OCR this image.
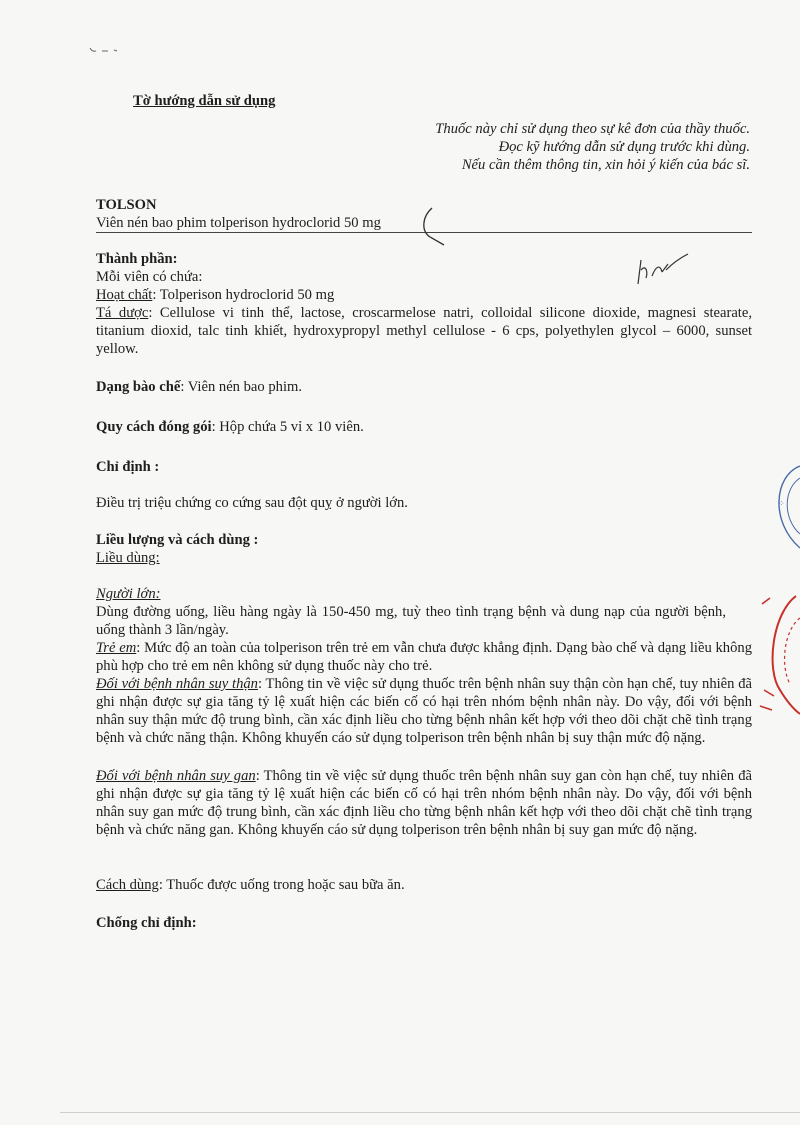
Tờ hướng dẫn sử dụng
Thuốc này chỉ sử dụng theo sự kê đơn của thầy thuốc.
Đọc kỹ hướng dẫn sử dụng trước khi dùng.
Nếu cần thêm thông tin, xin hỏi ý kiến của bác sĩ.
TOLSON
Viên nén bao phim tolperison hydroclorid 50 mg
Thành phần:
Mỗi viên có chứa:
Hoạt chất: Tolperison hydroclorid 50 mg
Tá dược: Cellulose vi tinh thể, lactose, croscarmelose natri, colloidal silicone dioxide, magnesi stearate, titanium dioxid, talc tinh khiết, hydroxypropyl methyl cellulose - 6 cps, polyethylen glycol – 6000, sunset yellow.
Dạng bào chế: Viên nén bao phim.
Quy cách đóng gói: Hộp chứa 5 vỉ x 10 viên.
Chỉ định :
Điều trị triệu chứng co cứng sau đột quỵ ở người lớn.
Liều lượng và cách dùng :
Liều dùng:
Người lớn:
Dùng đường uống, liều hàng ngày là 150-450 mg, tuỳ theo tình trạng bệnh và dung nạp của người bệnh, uống thành 3 lần/ngày.
Trẻ em: Mức độ an toàn của tolperison trên trẻ em vẫn chưa được khẳng định. Dạng bào chế và dạng liều không phù hợp cho trẻ em nên không sử dụng thuốc này cho trẻ.
Đối với bệnh nhân suy thận: Thông tin về việc sử dụng thuốc trên bệnh nhân suy thận còn hạn chế, tuy nhiên đã ghi nhận được sự gia tăng tỷ lệ xuất hiện các biến cố có hại trên nhóm bệnh nhân này. Do vậy, đối với bệnh nhân suy thận mức độ trung bình, cần xác định liều cho từng bệnh nhân kết hợp với theo dõi chặt chẽ tình trạng bệnh và chức năng thận. Không khuyến cáo sử dụng tolperison trên bệnh nhân bị suy thận mức độ nặng.
Đối với bệnh nhân suy gan: Thông tin về việc sử dụng thuốc trên bệnh nhân suy gan còn hạn chế, tuy nhiên đã ghi nhận được sự gia tăng tỷ lệ xuất hiện các biến cố có hại trên nhóm bệnh nhân này. Do vậy, đối với bệnh nhân suy gan mức độ trung bình, cần xác định liều cho từng bệnh nhân kết hợp với theo dõi chặt chẽ tình trạng bệnh và chức năng gan. Không khuyến cáo sử dụng tolperison trên bệnh nhân bị suy gan mức độ nặng.
Cách dùng: Thuốc được uống trong hoặc sau bữa ăn.
Chống chỉ định:
⁘
